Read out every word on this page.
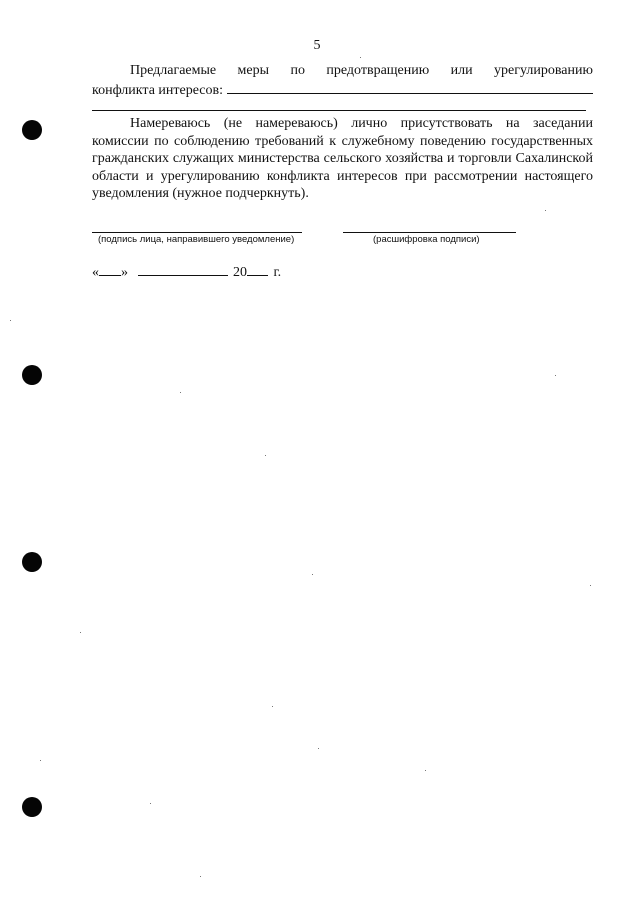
5
Предлагаемые меры по предотвращению или урегулированию
конфликта интересов:
Намереваюсь (не намереваюсь) лично присутствовать на заседании комиссии по соблюдению требований к служебному поведению государственных гражданских служащих министерства сельского хозяйства и торговли Сахалинской области и урегулированию конфликта интересов при рассмотрении настоящего уведомления (нужное подчеркнуть).
(подпись лица, направившего уведомление)	(расшифровка подписи)
« »	20 г.
